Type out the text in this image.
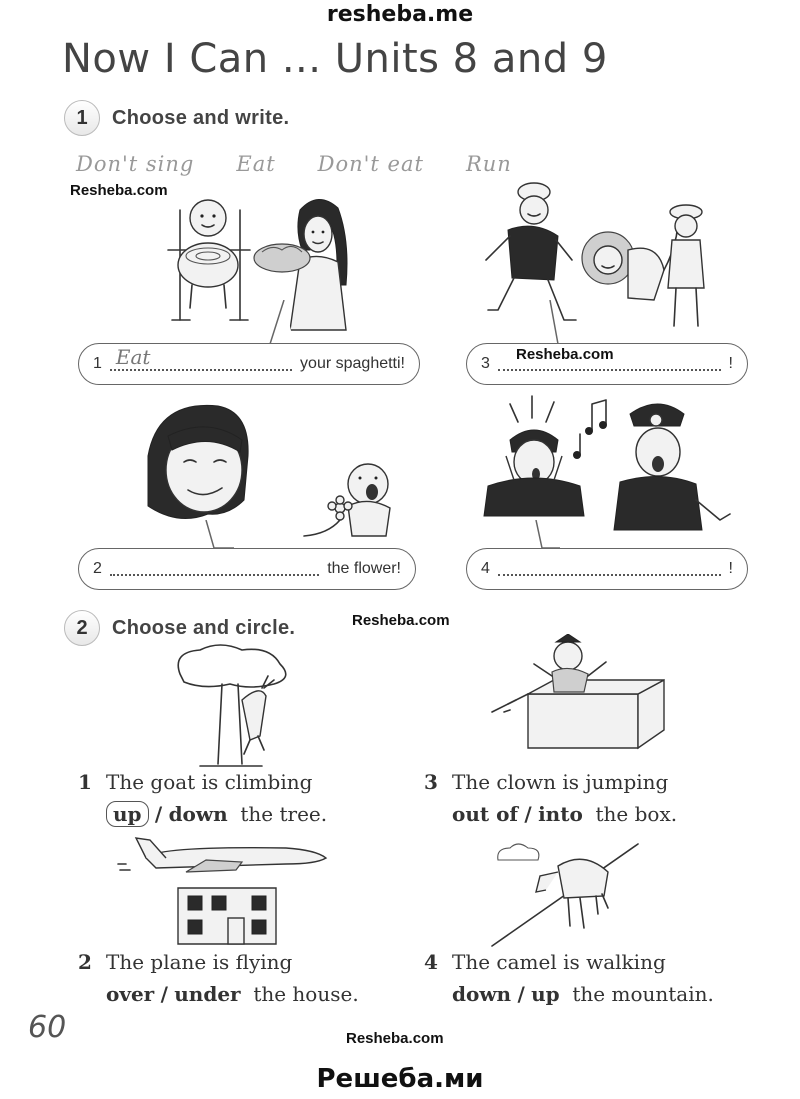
resheba.me
Now I Can ... Units 8 and 9
1	Choose and write.
Don't sing Eat Don't eat Run
Resheba.com
1 Eat	your spaghetti!	3	!
Resheba.com
2	the flower!	4	!
2	Choose and circle.	Resheba.com
1 The goat is climbing
up / down the tree.
3 The clown is jumping
out of / into the box.
2 The plane is flying
over / under the house.
4 The camel is walking
down / up the mountain.
60	Resheba.com
Решеба.ми
